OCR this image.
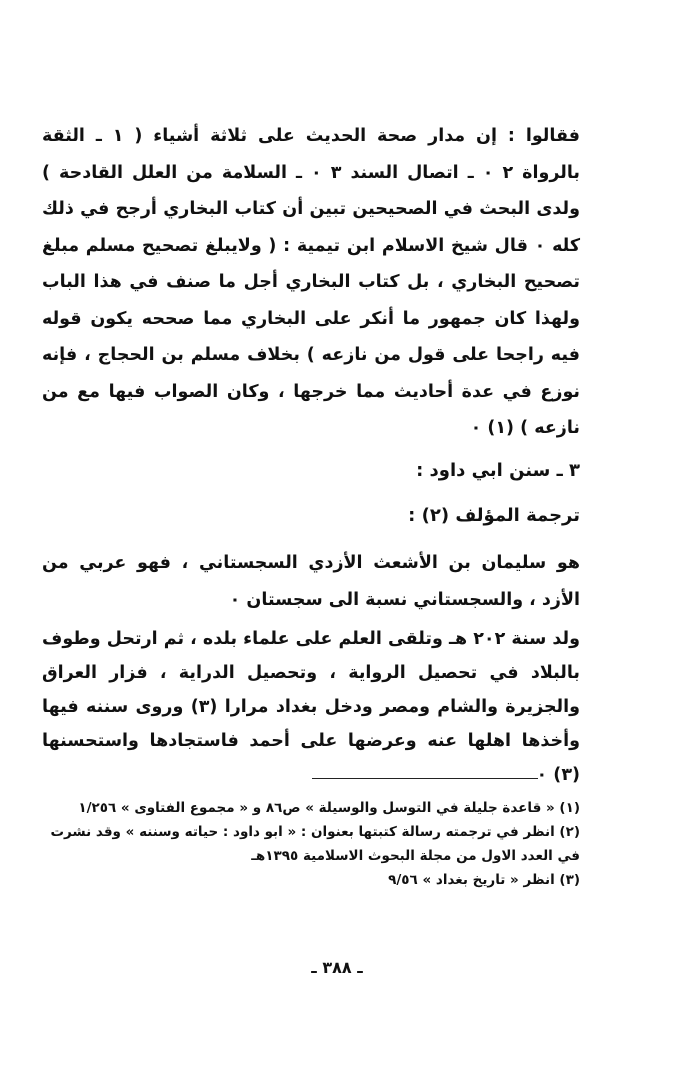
فقالوا : إن مدار صحة الحديث على ثلاثة أشياء ( ١ ـ الثقة بالرواة ٢ ٠ ـ اتصال السند ٣ ٠ ـ السلامة من العلل القادحة ) ولدى البحث في الصحيحين تبين أن كتاب البخاري أرجح في ذلك كله ٠ قال شيخ الاسلام ابن تيمية : ( ولايبلغ تصحيح مسلم مبلغ تصحيح البخاري ، بل كتاب البخاري أجل ما صنف في هذا الباب ولهذا كان جمهور ما أنكر على البخاري مما صححه يكون قوله فيه راجحا على قول من نازعه ) بخلاف مسلم بن الحجاج ، فإنه نوزع في عدة أحاديث مما خرجها ، وكان الصواب فيها مع من نازعه ) (١) ٠

٣ ـ سنن ابي داود :
ترجمة المؤلف (٢) :

هو سليمان بن الأشعث الأزدي السجستاني ، فهو عربي من الأزد ، والسجستاني نسبة الى سجستان ٠

ولد سنة ٢٠٢ هـ وتلقى العلم على علماء بلده ، ثم ارتحل وطوف بالبلاد في تحصيل الرواية ، وتحصيل الدراية ، فزار العراق والجزيرة والشام ومصر ودخل بغداد مرارا (٣) وروى سننه فيها وأخذها اهلها عنه وعرضها على أحمد فاستجادها واستحسنها (٣) ٠

(١) « قاعدة جليلة في التوسل والوسيلة » ص٨٦ و « مجموع الفتاوى » ١/٢٥٦

(٢) انظر في ترجمته رسالة كتبتها بعنوان : « ابو داود : حياته وسننه » وقد نشرت في العدد الاول من مجلة البحوث الاسلامية ١٣٩٥هـ

(٣) انظر « تاريخ بغداد » ٩/٥٦

ـ ٣٨٨ ـ
